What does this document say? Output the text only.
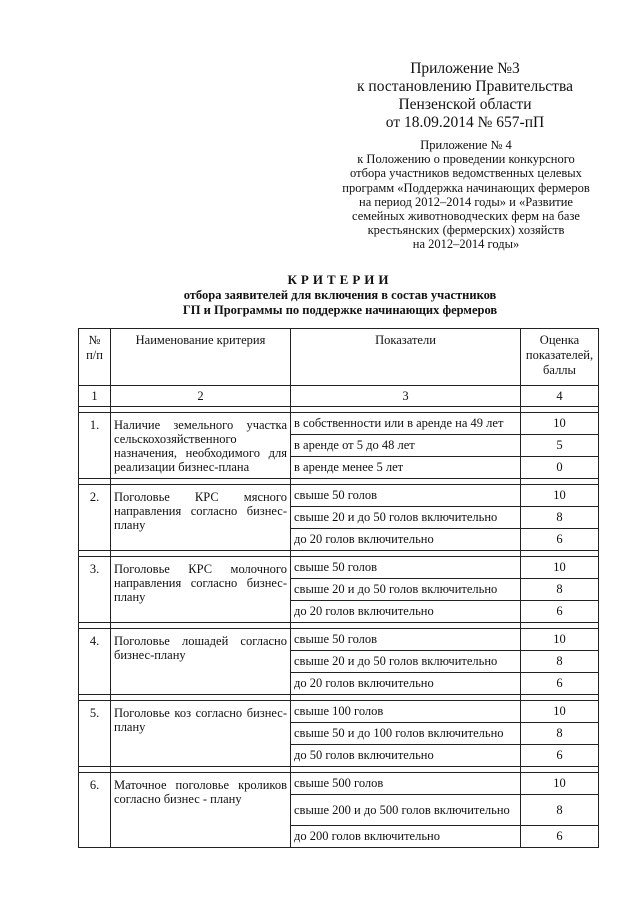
Приложение №3
к постановлению Правительства
Пензенской области
от 18.09.2014 № 657-пП
Приложение № 4
к Положению о проведении конкурсного
отбора участников ведомственных целевых
программ «Поддержка начинающих фермеров
на период 2012–2014 годы» и «Развитие
семейных животноводческих ферм на базе
крестьянских (фермерских) хозяйств
на 2012–2014 годы»
КРИТЕРИИ
отбора заявителей для включения в состав участников
ГП и Программы по поддержке начинающих фермеров
№ п/п	Наименование критерия	Показатели	Оценка показателей, баллы
1	2	3	4

1.	Наличие земельного участка сельскохозяйственного назначения, необходимого для реализации бизнес-плана	в собственности или в аренде на 49 лет	10
		в аренде от 5 до 48 лет	5
		в аренде менее 5 лет	0

2.	Поголовье КРС мясного направления согласно бизнес-плану	свыше 50 голов	10
		свыше 20 и до 50 голов включительно	8
		до 20 голов включительно	6

3.	Поголовье КРС молочного направления согласно бизнес-плану	свыше 50 голов	10
		свыше 20 и до 50 голов включительно	8
		до 20 голов включительно	6

4.	Поголовье лошадей согласно бизнес-плану	свыше 50 голов	10
		свыше 20 и до 50 голов включительно	8
		до 20 голов включительно	6

5.	Поголовье коз согласно бизнес-плану	свыше 100 голов	10
		свыше 50 и до 100 голов включительно	8
		до 50 голов включительно	6

6.	Маточное поголовье кроликов согласно бизнес - плану	свыше 500 голов	10
		свыше 200 и до 500 голов включительно	8
		до 200 голов включительно	6
